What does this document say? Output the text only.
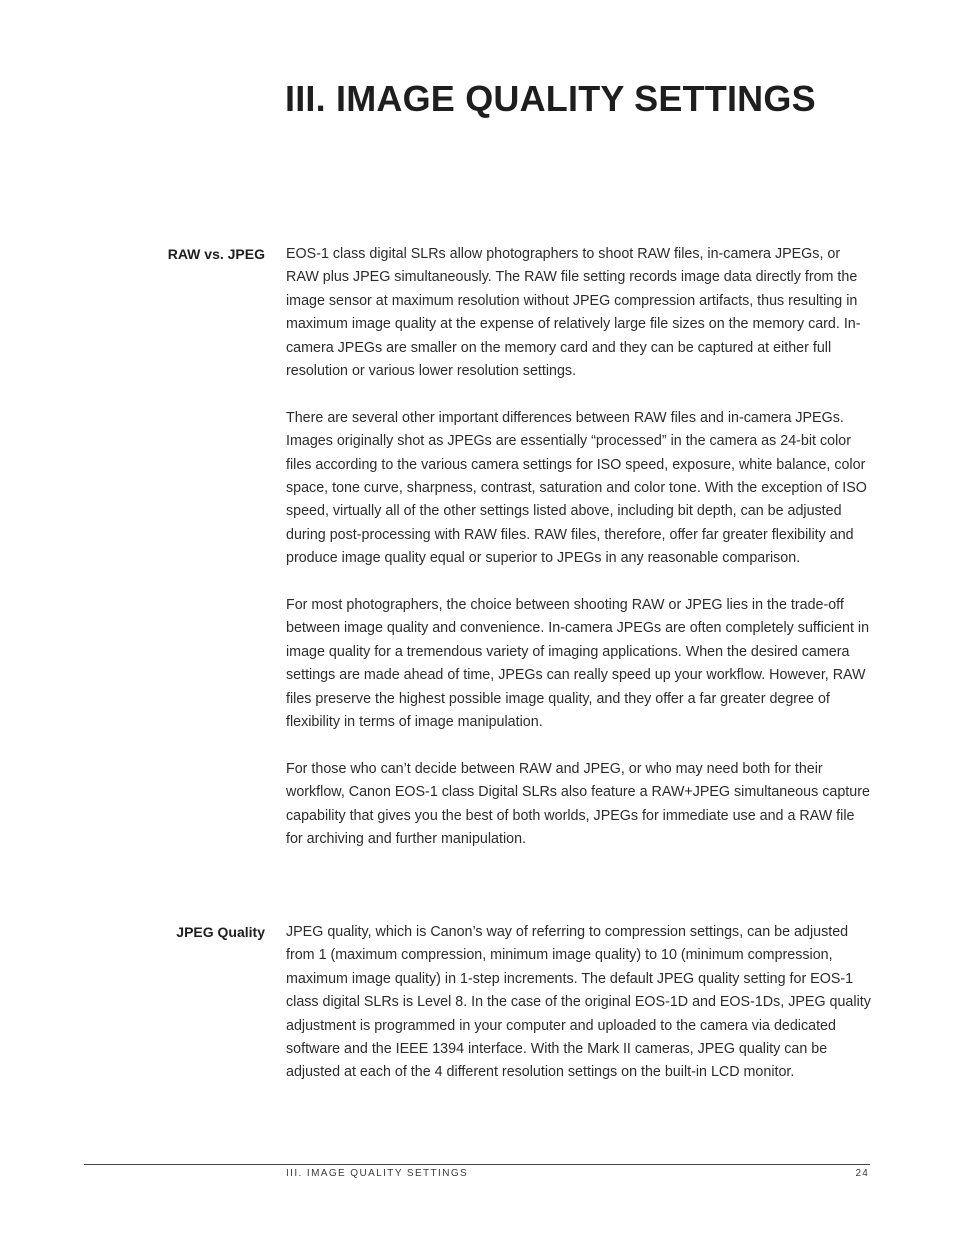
III. IMAGE QUALITY SETTINGS
RAW vs. JPEG EOS-1 class digital SLRs allow photographers to shoot RAW files, in-camera JPEGs, or RAW plus JPEG simultaneously. The RAW file setting records image data directly from the image sensor at maximum resolution without JPEG compression artifacts, thus resulting in maximum image quality at the expense of relatively large file sizes on the memory card. In-camera JPEGs are smaller on the memory card and they can be captured at either full resolution or various lower resolution settings.

There are several other important differences between RAW files and in-camera JPEGs. Images originally shot as JPEGs are essentially “processed” in the camera as 24-bit color files according to the various camera settings for ISO speed, exposure, white balance, color space, tone curve, sharpness, contrast, saturation and color tone. With the exception of ISO speed, virtually all of the other settings listed above, including bit depth, can be adjusted during post-processing with RAW files. RAW files, therefore, offer far greater flexibility and produce image quality equal or superior to JPEGs in any reasonable comparison.

For most photographers, the choice between shooting RAW or JPEG lies in the trade-off between image quality and convenience. In-camera JPEGs are often completely sufficient in image quality for a tremendous variety of imaging applications. When the desired camera settings are made ahead of time, JPEGs can really speed up your workflow. However, RAW files preserve the highest possible image quality, and they offer a far greater degree of flexibility in terms of image manipulation.

For those who can’t decide between RAW and JPEG, or who may need both for their workflow, Canon EOS-1 class Digital SLRs also feature a RAW+JPEG simultaneous capture capability that gives you the best of both worlds, JPEGs for immediate use and a RAW file for archiving and further manipulation.

JPEG Quality JPEG quality, which is Canon’s way of referring to compression settings, can be adjusted from 1 (maximum compression, minimum image quality) to 10 (minimum compression, maximum image quality) in 1-step increments. The default JPEG quality setting for EOS-1 class digital SLRs is Level 8. In the case of the original EOS-1D and EOS-1Ds, JPEG quality adjustment is programmed in your computer and uploaded to the camera via dedicated software and the IEEE 1394 interface. With the Mark II cameras, JPEG quality can be adjusted at each of the 4 different resolution settings on the built-in LCD monitor.

III. IMAGE QUALITY SETTINGS	24
